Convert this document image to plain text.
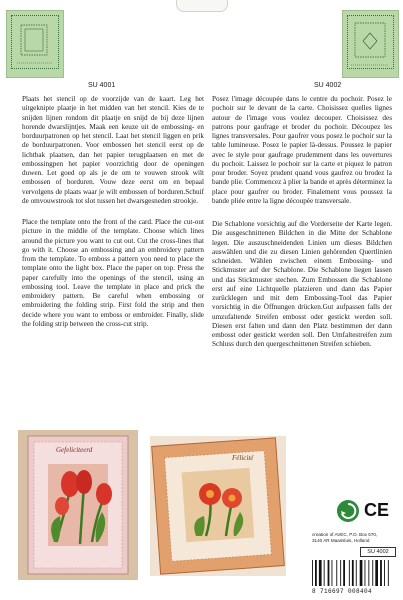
SU 4001	SU 4002

Plaats het stencil op de voorzijde van de kaart. Leg het uitgeknipte plaatje in het midden van het stencil. Kies de te snijden lijnen rondom dit plaatje en snijd de bij deze lijnen horende dwarslijntjes. Maak een keuze uit de embossing- en borduurpatronen op het stencil. Laat het stencil liggen en prik de borduurpatronen. Voor embossen het stencil eerst op de lichtbak plaatsen, dan het papier terugplaatsen en met de embossingpen het papier voorzichtig door de openingen duwen. Let goed op als je de om te vouwen strook wilt embossen of borduren. Vouw deze eerst om en bepaal vervolgens de plaats waar je wilt embossen of borduren.Schuif de omvouwstrook tot slot tussen het dwarsgesneden strookje.

Place the template onto the front of the card. Place the cut-out picture in the middle of the template. Choose which lines around the picture you want to cut out. Cut the cross-lines that go with it. Choose an embossing and an embroidery pattern from the template. To emboss a pattern you need to place the template onto the light box. Place the paper on top. Press the paper carefully into the openings of the stencil, using an embossing tool. Leave the template in place and prick the embroidery pattern. Be careful when embossing or embroidering the folding strip. First fold the strip and then decide where you want to emboss or embroider. Finally, slide the folding strip between the cross-cut strip.

Posez l'image découpée dans le centre du pochoir. Posez le pochoir sur le devant de la carte. Choisissez quelles lignes autour de l'image vous voulez decouper. Choisissez des patrons pour gaufrage et broder du pochoir. Découpez les lignes transversales. Pour gaufrer vous posez le pochoir sur la table lumineuse. Posez le papier là-dessus. Poussez le papier avec le style pour gaufrage prudemment dans les ouvertures du pochoir. Laissez le pochoir sur la carte et piquez le patron pour broder. Soyez prudent quand vous gaufrez ou brodez la bande plie. Commencez à plier la bande et après déterminez la place pour gaufrer ou broder. Finalement vous poussez la bande pliée entre la ligne découpée transversale.

Die Schablone vorsichtig auf die Vorderseite der Karte legen. Die ausgeschnittenen Bildchen in die Mitte der Schablone legen. Die auszuschneidenden Linien um dieses Bildchen auswählen und die zu diesen Linien gehörenden Quertlinien schneiden. Wählen zwischen einem Embossing- und Stickmuster auf der Schablone. Die Schablone liegen lassen und das Stickmuster stechen. Zum Embossen die Schablone erst auf eine Lichtquelle platzieren und dann das Papier zurücklegen und mit dem Embossing-Tool das Papier vorsichtig in die Öffnungen drücken.Gut aufpassen falls der umzufaltende Streifen embosst oder gestickt werden soll. Diesen erst falten und dann den Platz bestimmen der dann embosst oder gestickt werden soll. Den Umfaltestreifen zum Schluss durch den quergeschnittenen Streifen schieben.

Gefeliciteerd
Félicité
CE
creation of AVEC, P.O. Box 670,
3140 AR Maassluis, Holland
SU 4002
8 716697 008404
